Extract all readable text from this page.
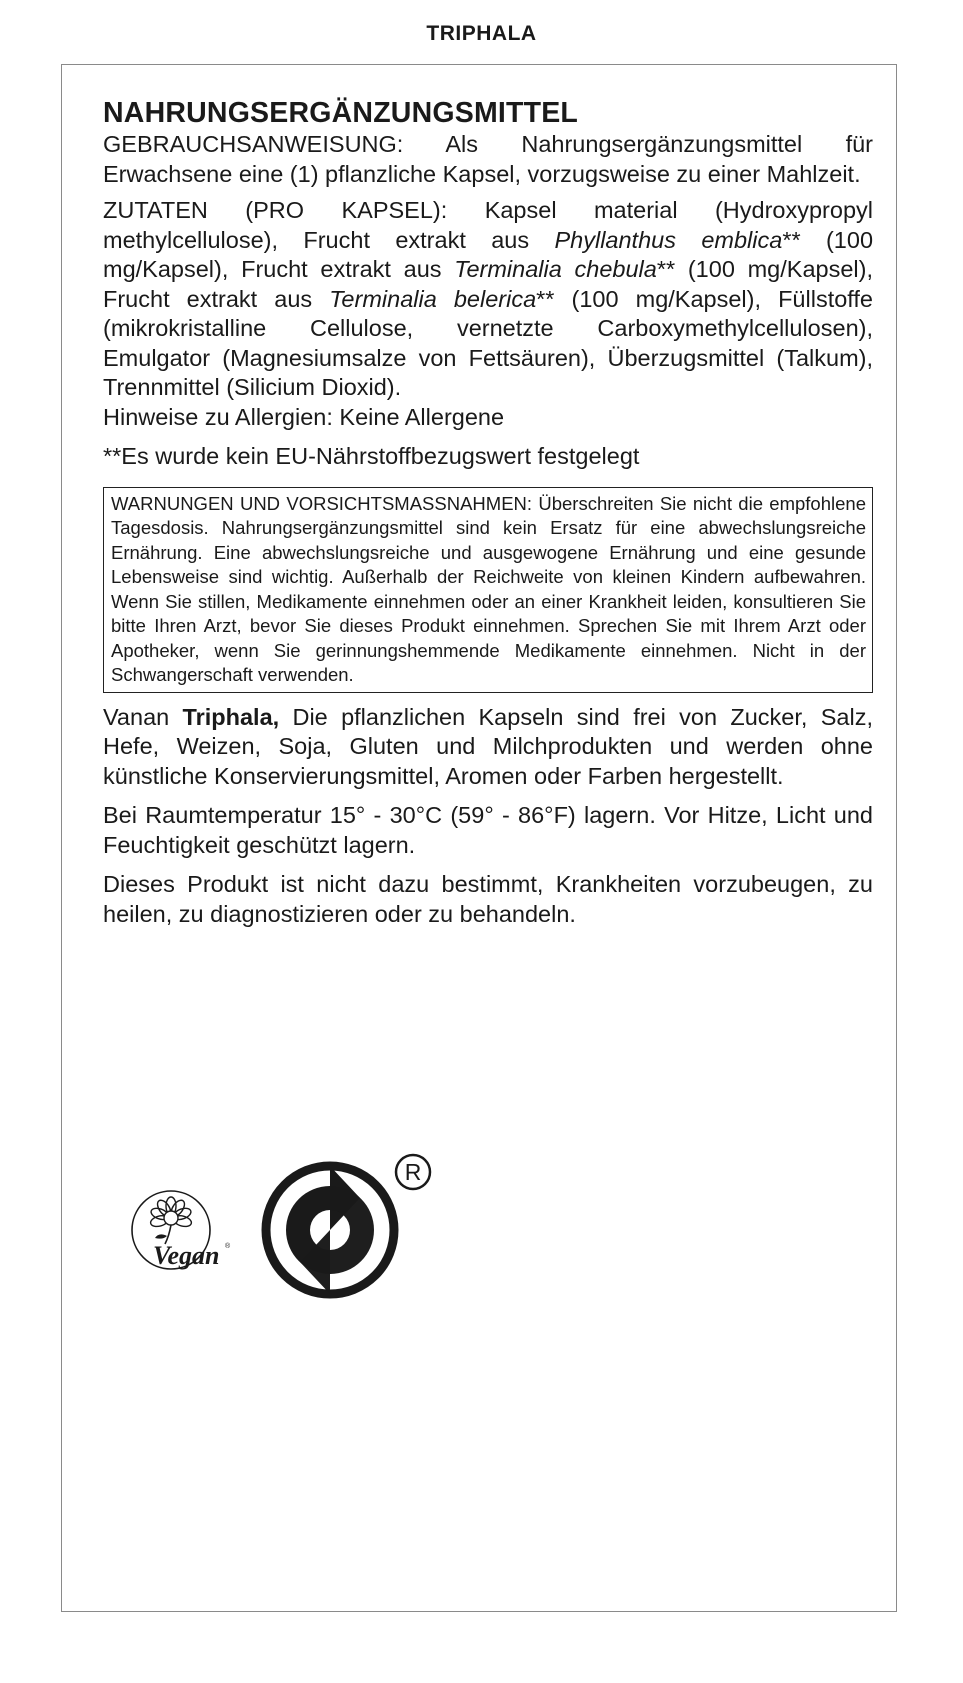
TRIPHALA
NAHRUNGSERGÄNZUNGSMITTEL

GEBRAUCHSANWEISUNG: Als Nahrungsergänzungsmittel für Erwachsene eine (1) pflanzliche Kapsel, vorzugsweise zu einer Mahlzeit.

ZUTATEN (PRO KAPSEL): Kapsel material (Hydroxypropyl methylcellulose), Frucht extrakt aus Phyllanthus emblica** (100 mg/Kapsel), Frucht extrakt aus Terminalia chebula** (100 mg/Kapsel), Frucht extrakt aus Terminalia belerica** (100 mg/Kapsel), Füllstoffe (mikrokristalline Cellulose, vernetzte Carboxymethylcellulosen), Emulgator (Magnesiumsalze von Fettsäuren), Überzugsmittel (Talkum), Trennmittel (Silicium Dioxid).

Hinweise zu Allergien: Keine Allergene

**Es wurde kein EU-Nährstoffbezugswert festgelegt

WARNUNGEN UND VORSICHTSMASSNAHMEN: Überschreiten Sie nicht die empfohlene Tagesdosis. Nahrungsergänzungsmittel sind kein Ersatz für eine abwechslungsreiche Ernährung. Eine abwechslungsreiche und ausgewogene Ernährung und eine gesunde Lebensweise sind wichtig. Außerhalb der Reichweite von kleinen Kindern aufbewahren. Wenn Sie stillen, Medikamente einnehmen oder an einer Krankheit leiden, konsultieren Sie bitte Ihren Arzt, bevor Sie dieses Produkt einnehmen. Sprechen Sie mit Ihrem Arzt oder Apotheker, wenn Sie gerinnungshemmende Medikamente einnehmen. Nicht in der Schwangerschaft verwenden.

Vanan Triphala, Die pflanzlichen Kapseln sind frei von Zucker, Salz, Hefe, Weizen, Soja, Gluten und Milchprodukten und werden ohne künstliche Konservierungsmittel, Aromen oder Farben hergestellt.

Bei Raumtemperatur 15° - 30°C (59° - 86°F) lagern. Vor Hitze, Licht und Feuchtigkeit geschützt lagern.

Dieses Produkt ist nicht dazu bestimmt, Krankheiten vorzubeugen, zu heilen, zu diagnostizieren oder zu behandeln.

Vegan ®
R
